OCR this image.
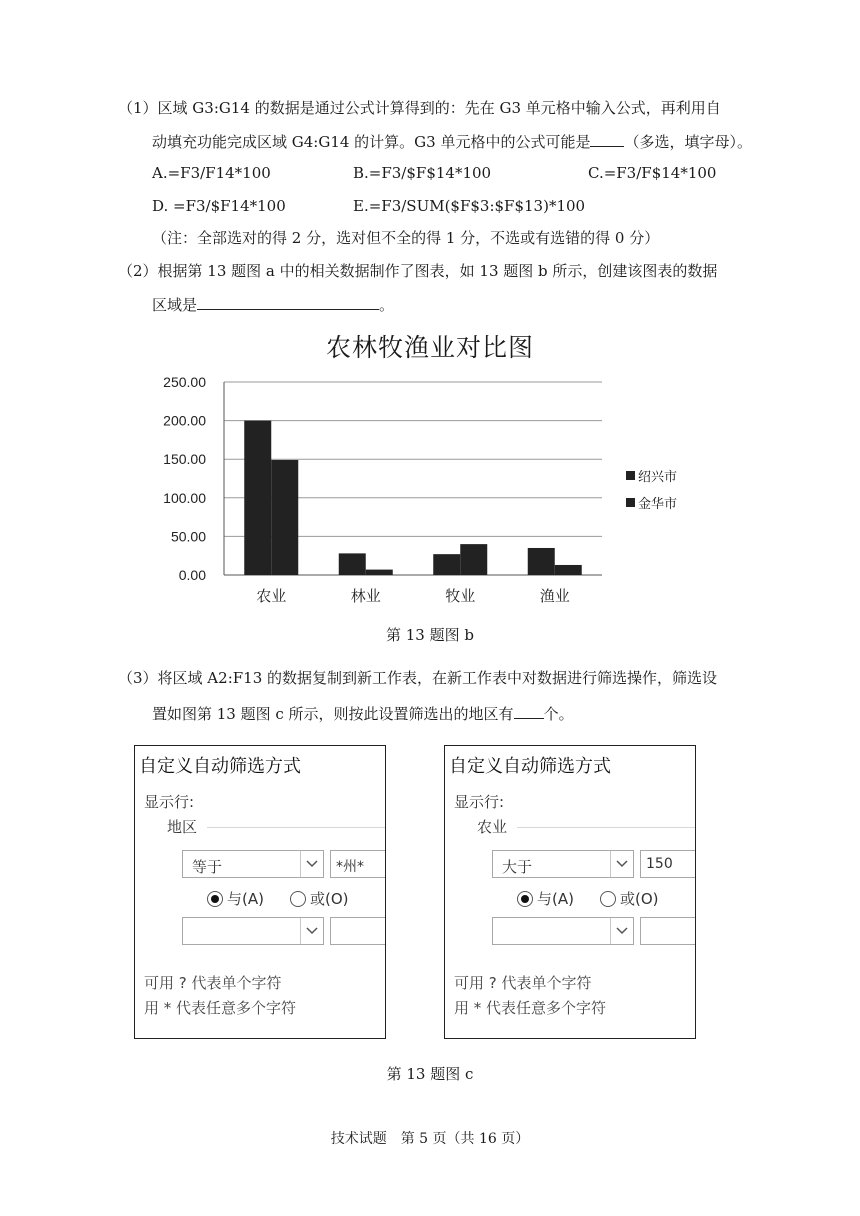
（1）区域 G3:G14 的数据是通过公式计算得到的：先在 G3 单元格中输入公式，再利用自
动填充功能完成区域 G4:G14 的计算。G3 单元格中的公式可能是 （多选，填字母）。
A.=F3/F14*100	B.=F3/$F$14*100	C.=F3/F$14*100
D. =F3/$F14*100	E.=F3/SUM($F$3:$F$13)*100
（注：全部选对的得 2 分，选对但不全的得 1 分，不选或有选错的得 0 分）
（2）根据第 13 题图 a 中的相关数据制作了图表，如 13 题图 b 所示，创建该图表的数据
区域是	。
农林牧渔业对比图
250.00
200.00
150.00
100.00
50.00
0.00
农业	林业	牧业	渔业
绍兴市
金华市
第 13 题图 b
（3）将区域 A2:F13 的数据复制到新工作表，在新工作表中对数据进行筛选操作，筛选设
置如图第 13 题图 c 所示，则按此设置筛选出的地区有 个。
自定义自动筛选方式
显示行:
地区
等于	*州*
与(A)	或(O)
可用 ? 代表单个字符
用 * 代表任意多个字符
自定义自动筛选方式
显示行:
农业
大于	150
与(A)	或(O)
可用 ? 代表单个字符
用 * 代表任意多个字符
第 13 题图 c
技术试题　第 5 页（共 16 页）
